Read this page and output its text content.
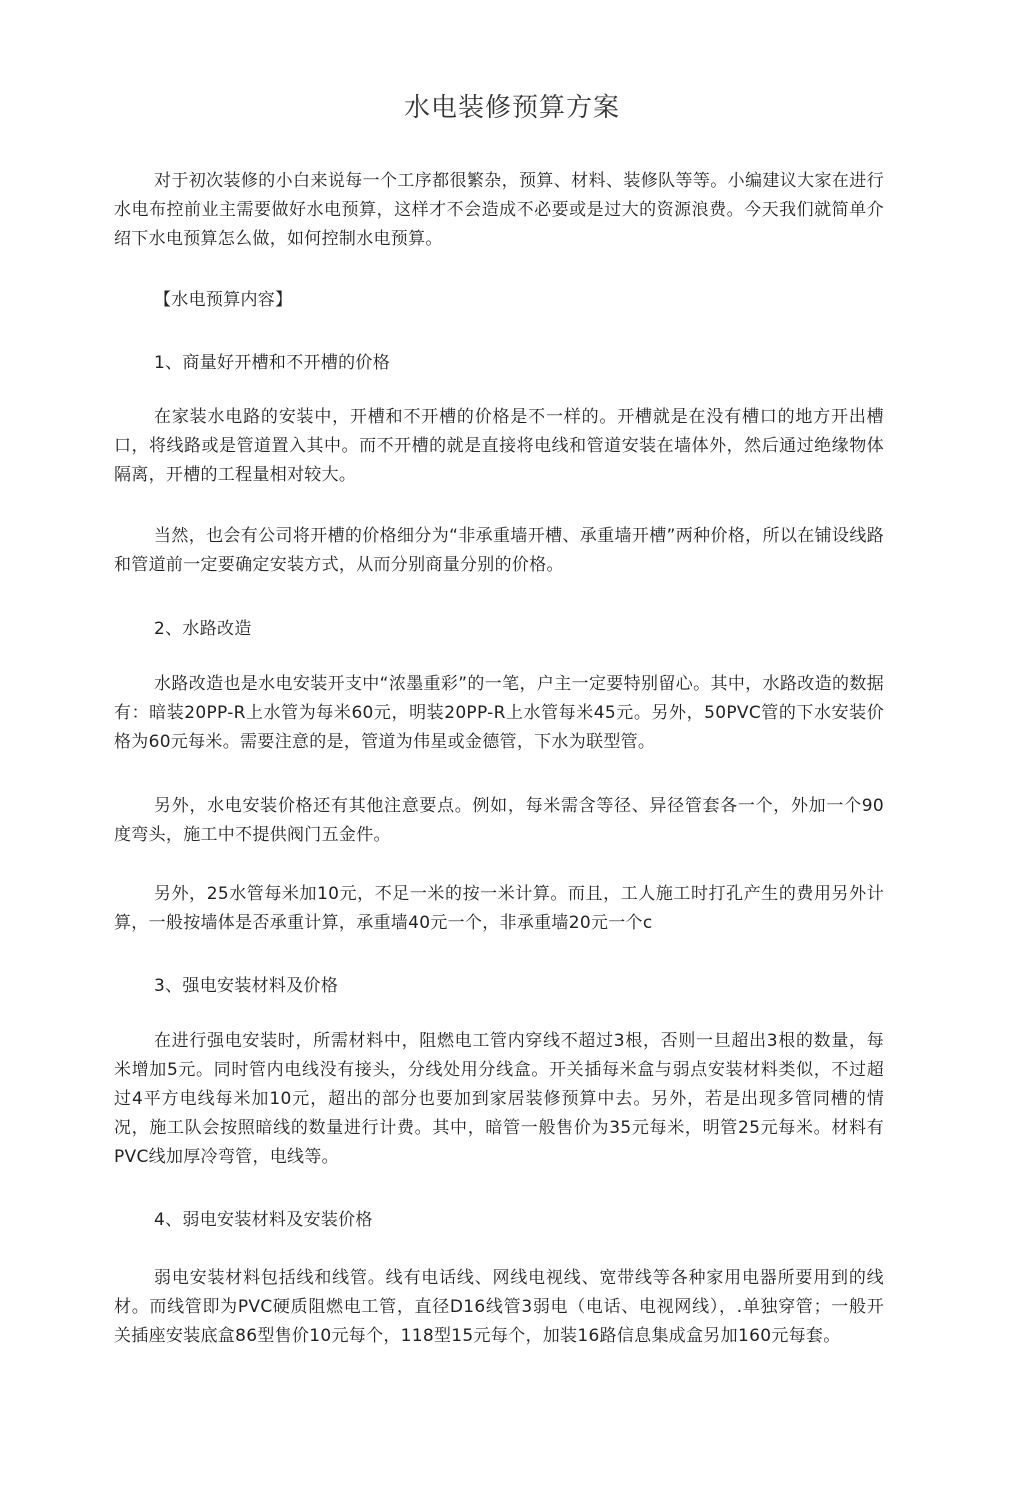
水电装修预算方案
对于初次装修的小白来说每一个工序都很繁杂，预算、材料、装修队等等。小编建议大家在进行水电布控前业主需要做好水电预算，这样才不会造成不必要或是过大的资源浪费。今天我们就简单介绍下水电预算怎么做，如何控制水电预算。
【水电预算内容】
1、商量好开槽和不开槽的价格
在家装水电路的安装中，开槽和不开槽的价格是不一样的。开槽就是在没有槽口的地方开出槽口，将线路或是管道置入其中。而不开槽的就是直接将电线和管道安装在墙体外，然后通过绝缘物体隔离，开槽的工程量相对较大。
当然，也会有公司将开槽的价格细分为“非承重墙开槽、承重墙开槽”两种价格，所以在铺设线路和管道前一定要确定安装方式，从而分别商量分别的价格。
2、水路改造
水路改造也是水电安装开支中“浓墨重彩”的一笔，户主一定要特别留心。其中，水路改造的数据有：暗装20PP-R上水管为每米60元，明装20PP-R上水管每米45元。另外，50PVC管的下水安装价格为60元每米。需要注意的是，管道为伟星或金德管，下水为联型管。
另外，水电安装价格还有其他注意要点。例如，每米需含等径、异径管套各一个，外加一个90度弯头，施工中不提供阀门五金件。
另外，25水管每米加10元，不足一米的按一米计算。而且，工人施工时打孔产生的费用另外计算，一般按墙体是否承重计算，承重墙40元一个，非承重墙20元一个c
3、强电安装材料及价格
在进行强电安装时，所需材料中，阻燃电工管内穿线不超过3根，否则一旦超出3根的数量，每米增加5元。同时管内电线没有接头，分线处用分线盒。开关插每米盒与弱点安装材料类似，不过超过4平方电线每米加10元，超出的部分也要加到家居装修预算中去。另外，若是出现多管同槽的情况，施工队会按照暗线的数量进行计费。其中，暗管一般售价为35元每米，明管25元每米。材料有PVC线加厚冷弯管，电线等。
4、弱电安装材料及安装价格
弱电安装材料包括线和线管。线有电话线、网线电视线、宽带线等各种家用电器所要用到的线材。而线管即为PVC硬质阻燃电工管，直径D16线管3弱电（电话、电视网线），.单独穿管；一般开关插座安装底盒86型售价10元每个，118型15元每个，加装16路信息集成盒另加160元每套。
